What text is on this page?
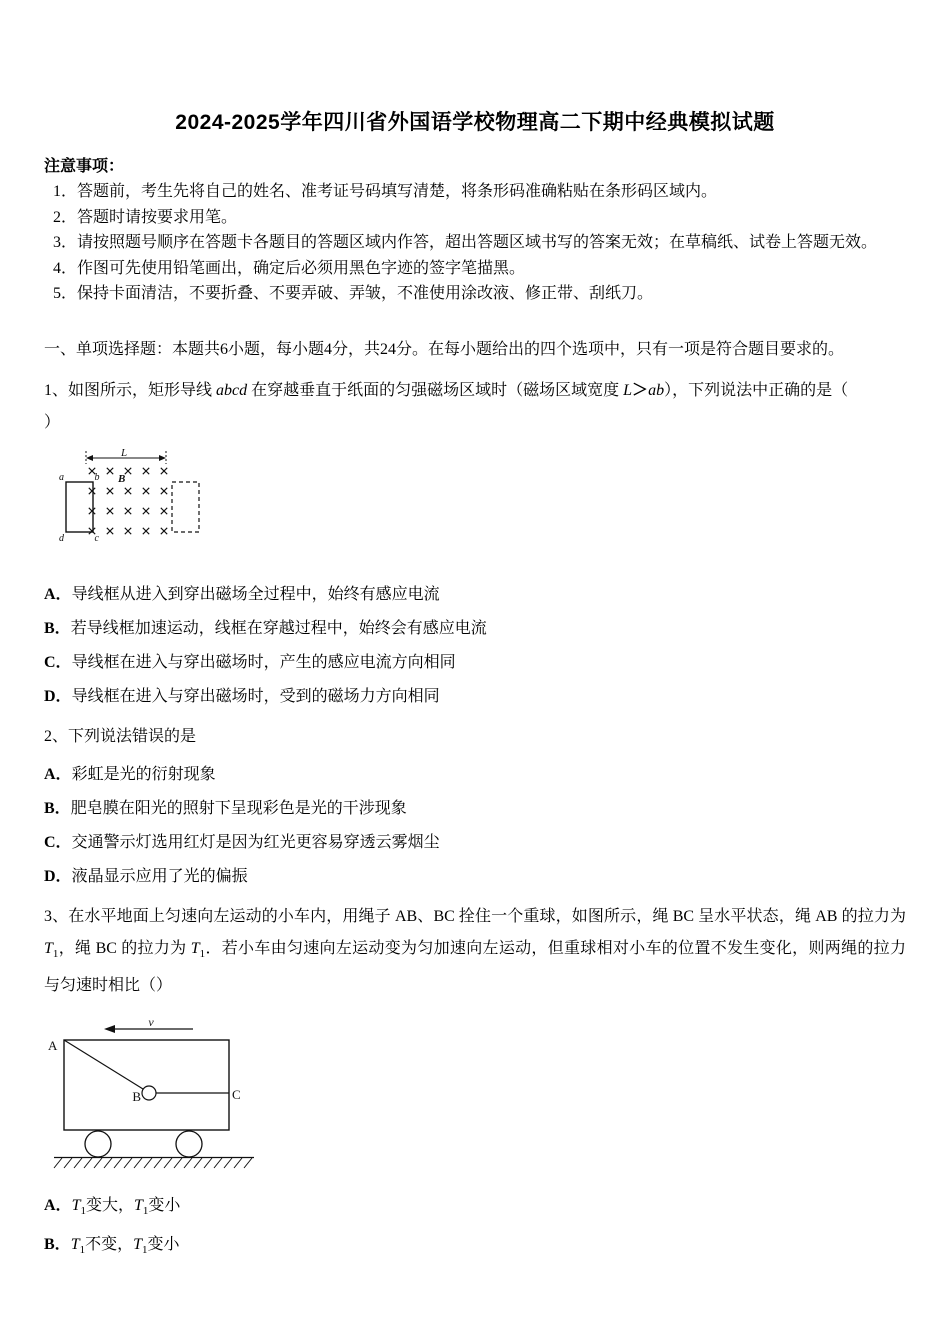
2024-2025学年四川省外国语学校物理高二下期中经典模拟试题
注意事项：
1．答题前，考生先将自己的姓名、准考证号码填写清楚，将条形码准确粘贴在条形码区域内。
2．答题时请按要求用笔。
3．请按照题号顺序在答题卡各题目的答题区域内作答，超出答题区域书写的答案无效；在草稿纸、试卷上答题无效。
4．作图可先使用铅笔画出，确定后必须用黑色字迹的签字笔描黑。
5．保持卡面清洁，不要折叠、不要弄破、弄皱，不准使用涂改液、修正带、刮纸刀。
一、单项选择题：本题共6小题，每小题4分，共24分。在每小题给出的四个选项中，只有一项是符合题目要求的。
1、如图所示，矩形导线 abcd 在穿越垂直于纸面的匀强磁场区域时（磁场区域宽度 L＞ab），下列说法中正确的是（
）
L
B
a	b
d	c
A．导线框从进入到穿出磁场全过程中，始终有感应电流
B．若导线框加速运动，线框在穿越过程中，始终会有感应电流
C．导线框在进入与穿出磁场时，产生的感应电流方向相同
D．导线框在进入与穿出磁场时，受到的磁场力方向相同
2、下列说法错误的是
A．彩虹是光的衍射现象
B．肥皂膜在阳光的照射下呈现彩色是光的干涉现象
C．交通警示灯选用红灯是因为红光更容易穿透云雾烟尘
D．液晶显示应用了光的偏振
3、在水平地面上匀速向左运动的小车内，用绳子 AB、BC 拴住一个重球，如图所示，绳 BC 呈水平状态，绳 AB 的拉力为 $T_1$，绳 BC 的拉力为 $T_1$．若小车由匀速向左运动变为匀加速向左运动，但重球相对小车的位置不发生变化，则两绳的拉力与匀速时相比（）
v
A
B	C
A．$T_1$变大，$T_1$变小
B．$T_1$不变，$T_1$变小
